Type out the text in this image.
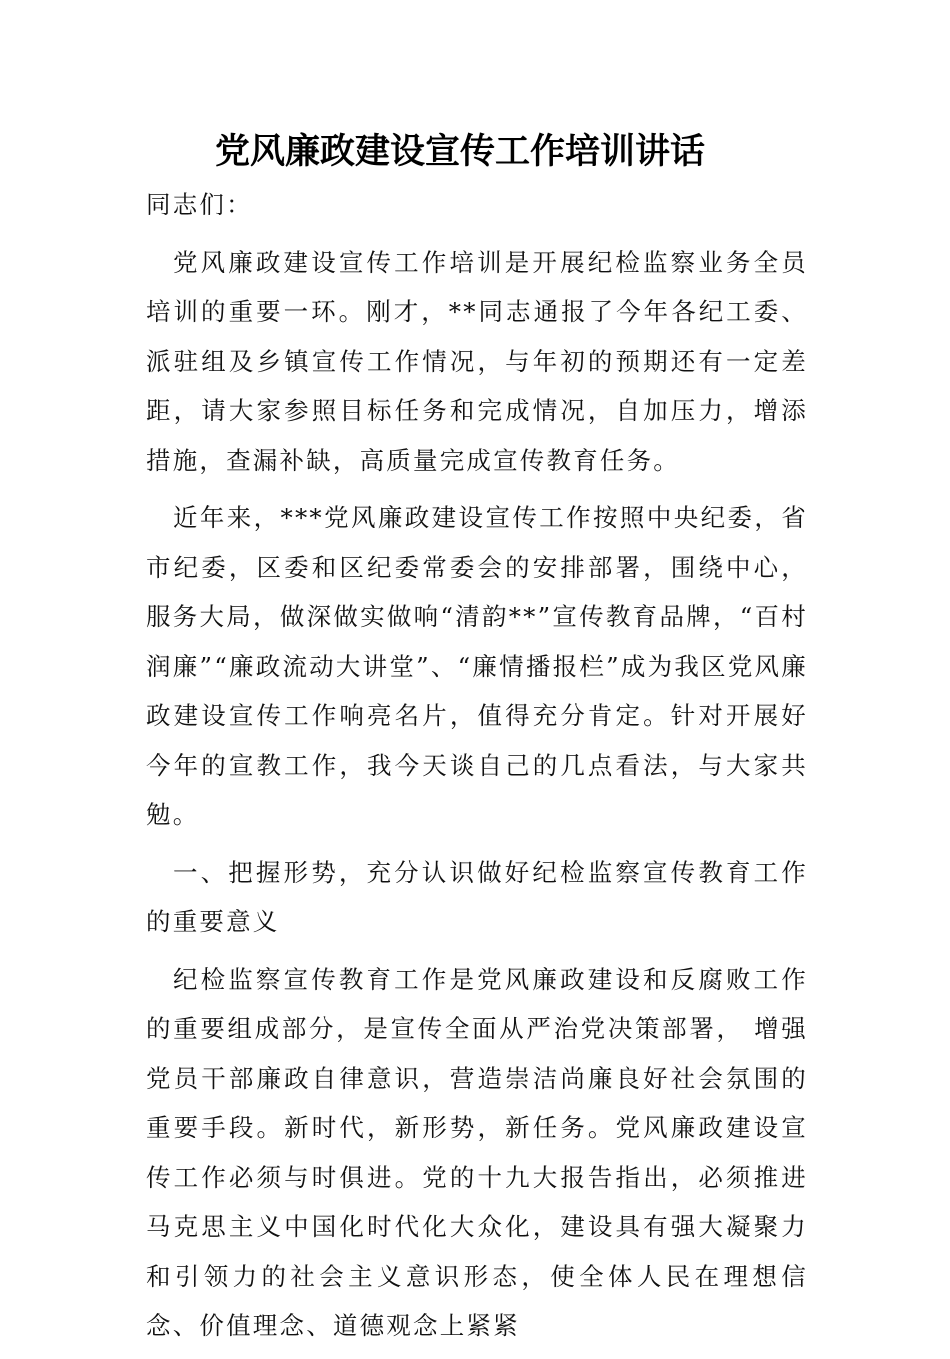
党风廉政建设宣传工作培训讲话

同志们：

党风廉政建设宣传工作培训是开展纪检监察业务全员培训的重要一环。刚才，**同志通报了今年各纪工委、派驻组及乡镇宣传工作情况，与年初的预期还有一定差距，请大家参照目标任务和完成情况，自加压力，增添措施，查漏补缺，高质量完成宣传教育任务。

近年来，***党风廉政建设宣传工作按照中央纪委，省市纪委，区委和区纪委常委会的安排部署，围绕中心，服务大局，做深做实做响“清韵**”宣传教育品牌，“百村润廉”“廉政流动大讲堂”、“廉情播报栏”成为我区党风廉政建设宣传工作响亮名片，值得充分肯定。针对开展好今年的宣教工作，我今天谈自己的几点看法，与大家共勉。

一、把握形势，充分认识做好纪检监察宣传教育工作的重要意义

纪检监察宣传教育工作是党风廉政建设和反腐败工作的重要组成部分，是宣传全面从严治党决策部署， 增强党员干部廉政自律意识，营造崇洁尚廉良好社会氛围的重要手段。新时代，新形势，新任务。党风廉政建设宣传工作必须与时俱进。党的十九大报告指出，必须推进马克思主义中国化时代化大众化，建设具有强大凝聚力和引领力的社会主义意识形态，使全体人民在理想信念、价值理念、道德观念上紧紧
